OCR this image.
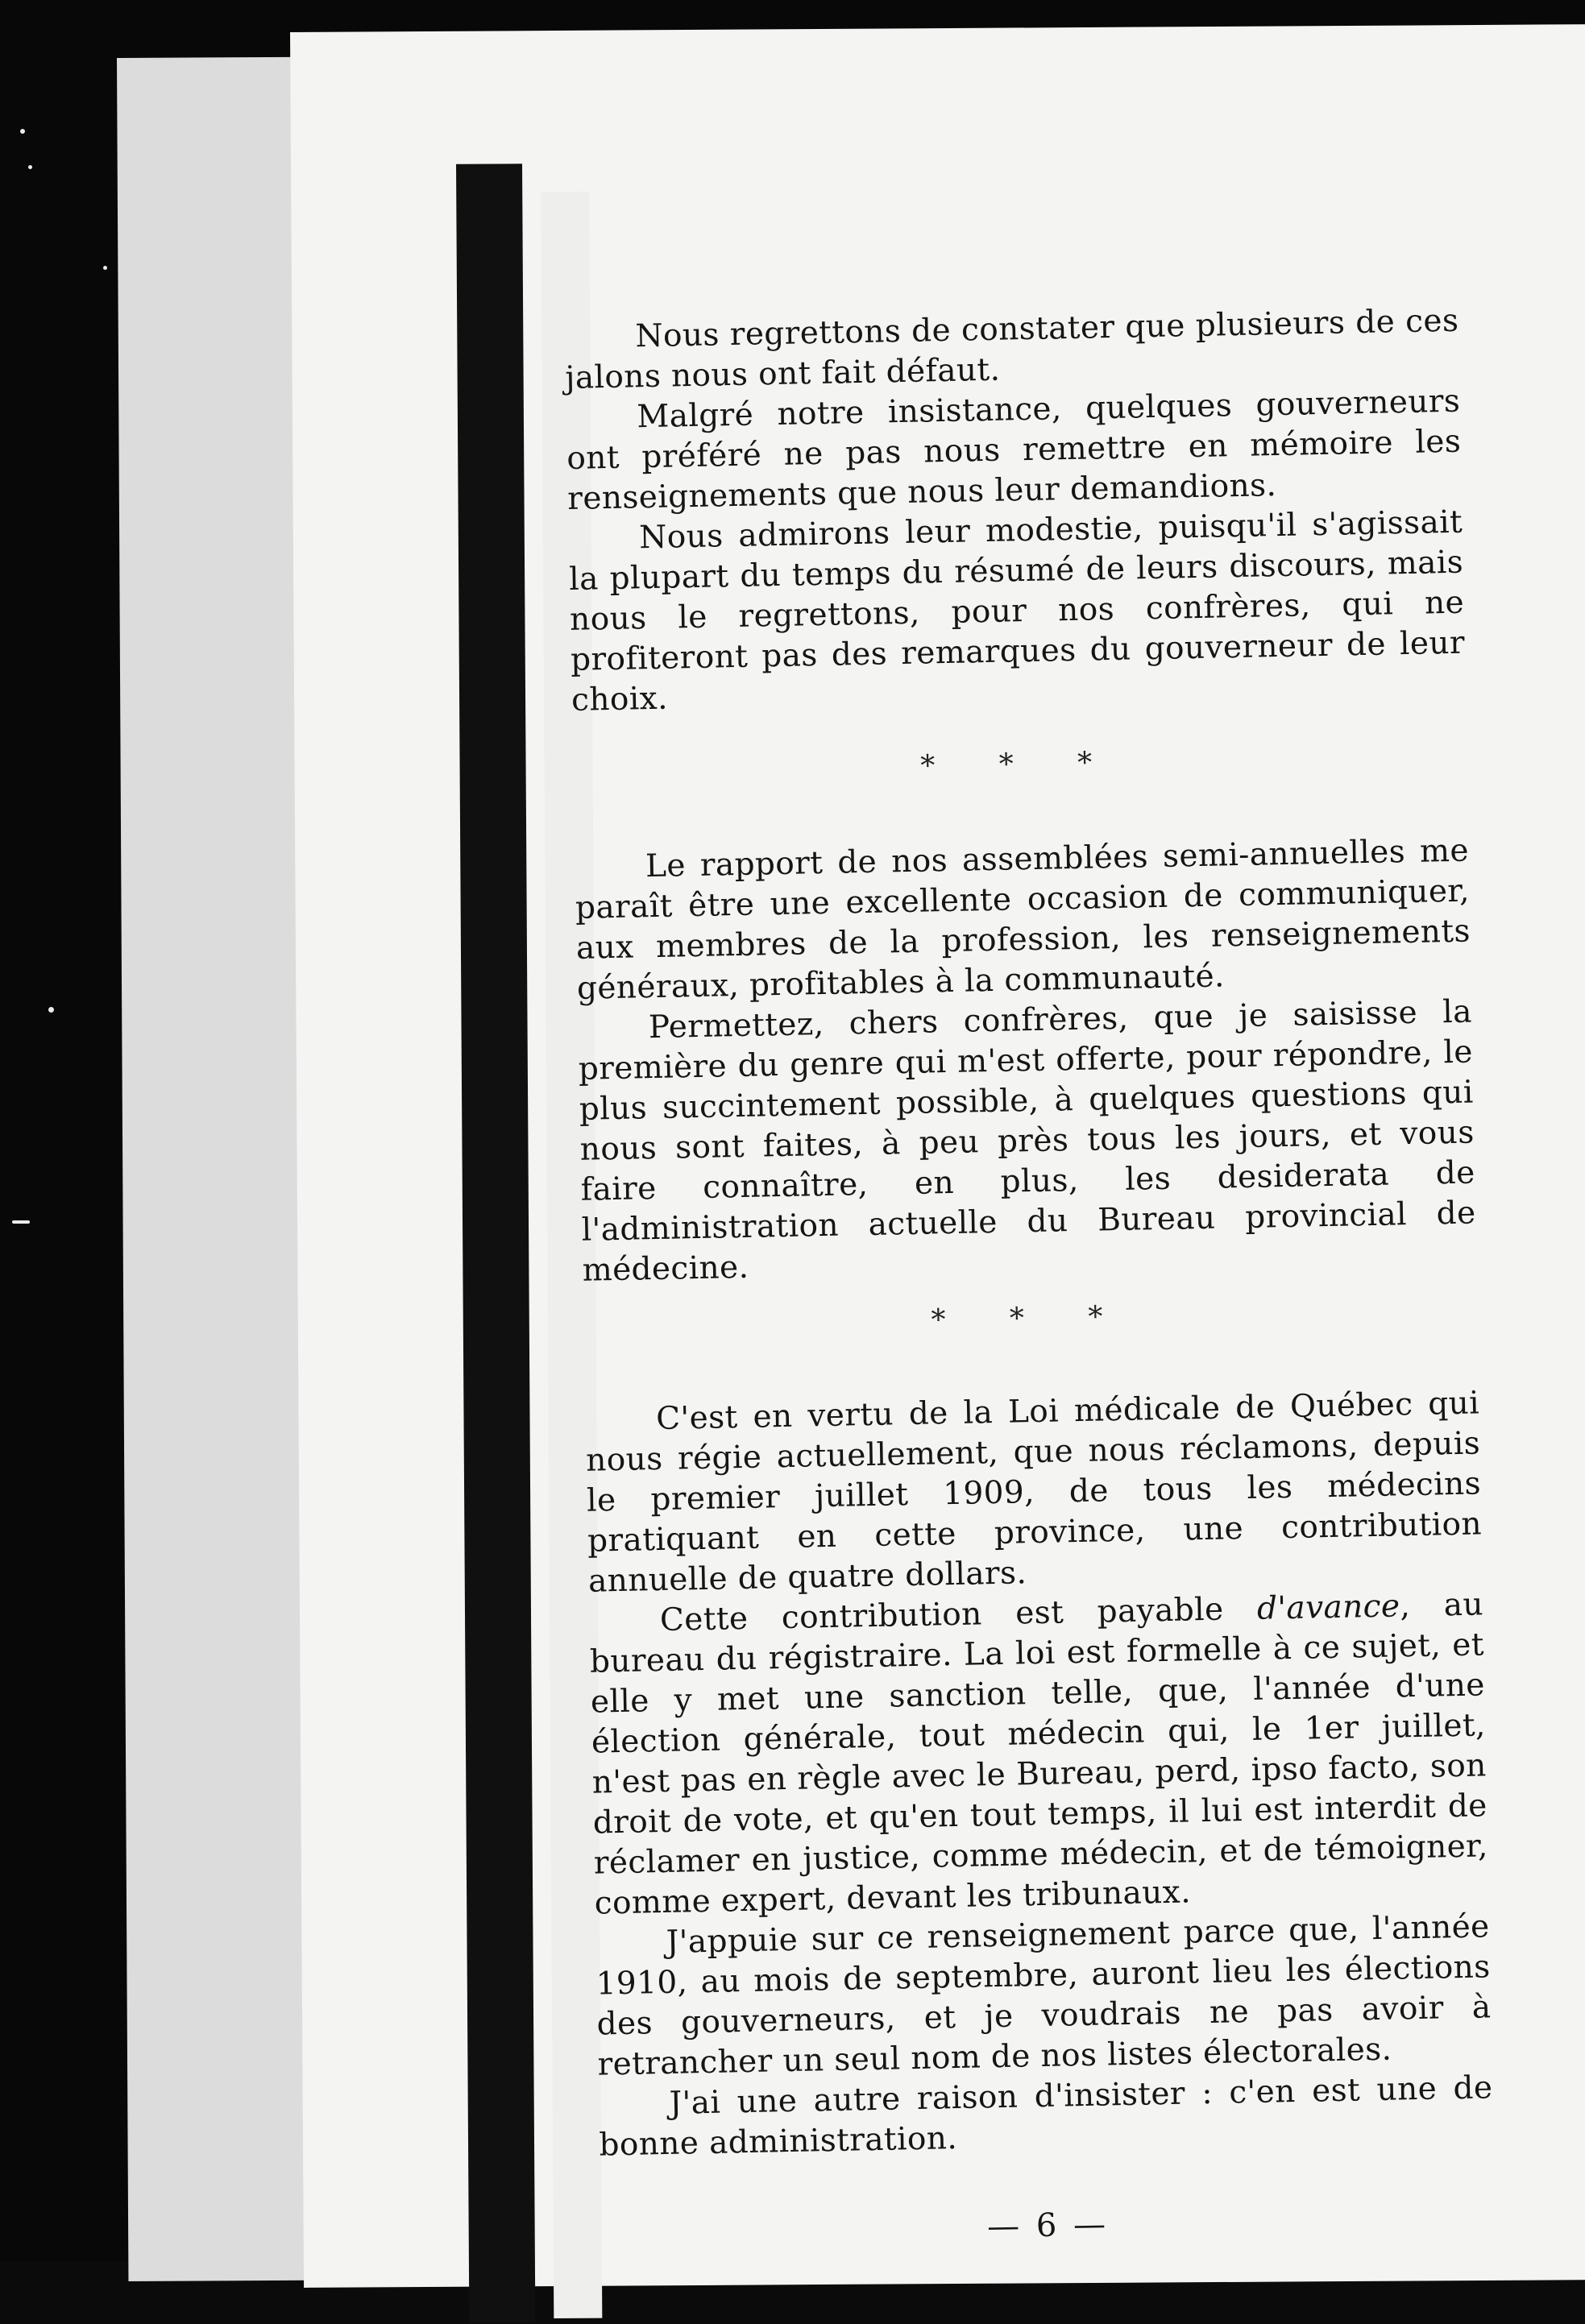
Nous regrettons de constater que plusieurs de ces jalons nous ont fait défaut.

Malgré notre insistance, quelques gouverneurs ont préféré ne pas nous remettre en mémoire les renseignements que nous leur demandions.

Nous admirons leur modestie, puisqu'il s'agissait la plupart du temps du résumé de leurs discours, mais nous le regrettons, pour nos confrères, qui ne profiteront pas des remarques du gouverneur de leur choix.

* * *

Le rapport de nos assemblées semi-annuelles me paraît être une excellente occasion de communiquer, aux membres de la profession, les renseignements généraux, profitables à la communauté.

Permettez, chers confrères, que je saisisse la première du genre qui m'est offerte, pour répondre, le plus succintement possible, à quelques questions qui nous sont faites, à peu près tous les jours, et vous faire connaître, en plus, les desiderata de l'administration actuelle du Bureau provincial de médecine.

* * *

C'est en vertu de la Loi médicale de Québec qui nous régie actuellement, que nous réclamons, depuis le premier juillet 1909, de tous les médecins pratiquant en cette province, une contribution annuelle de quatre dollars.

Cette contribution est payable d'avance, au bureau du régistraire. La loi est formelle à ce sujet, et elle y met une sanction telle, que, l'année d'une élection générale, tout médecin qui, le 1er juillet, n'est pas en règle avec le Bureau, perd, ipso facto, son droit de vote, et qu'en tout temps, il lui est interdit de réclamer en justice, comme médecin, et de témoigner, comme expert, devant les tribunaux.

J'appuie sur ce renseignement parce que, l'année 1910, au mois de septembre, auront lieu les élections des gouverneurs, et je voudrais ne pas avoir à retrancher un seul nom de nos listes électorales.

J'ai une autre raison d'insister : c'en est une de bonne administration.

— 6 —
